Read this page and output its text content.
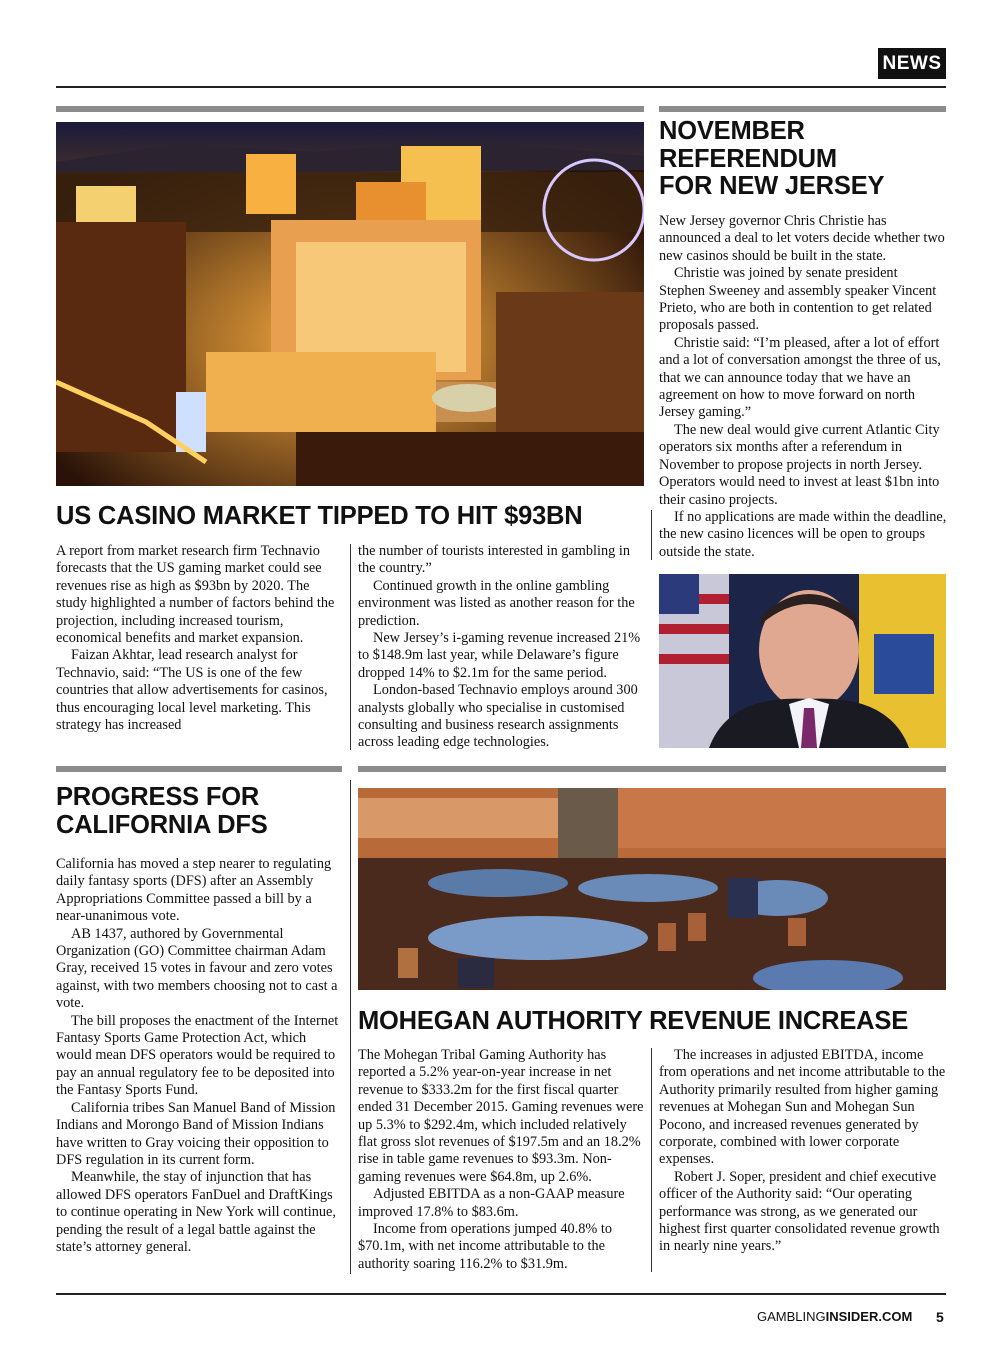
NEWS
NOVEMBER
REFERENDUM
FOR NEW JERSEY

New Jersey governor Chris Christie has announced a deal to let voters decide whether two new casinos should be built in the state.

Christie was joined by senate president Stephen Sweeney and assembly speaker Vincent Prieto, who are both in contention to get related proposals passed.

Christie said: “I’m pleased, after a lot of effort and a lot of conversation amongst the three of us, that we can announce today that we have an agreement on how to move forward on north Jersey gaming.”

The new deal would give current Atlantic City operators six months after a referendum in November to propose projects in north Jersey. Operators would need to invest at least $1bn into their casino projects.

If no applications are made within the deadline, the new casino licences will be open to groups outside the state.

US CASINO MARKET TIPPED TO HIT $93BN

A report from market research firm Technavio forecasts that the US gaming market could see revenues rise as high as $93bn by 2020. The study highlighted a number of factors behind the projection, including increased tourism, economical benefits and market expansion.

Faizan Akhtar, lead research analyst for Technavio, said: “The US is one of the few countries that allow advertisements for casinos, thus encouraging local level marketing. This strategy has increased

the number of tourists interested in gambling in the country.”

Continued growth in the online gambling environment was listed as another reason for the prediction.

New Jersey’s i-gaming revenue increased 21% to $148.9m last year, while Delaware’s figure dropped 14% to $2.1m for the same period.

London-based Technavio employs around 300 analysts globally who specialise in customised consulting and business research assignments across leading edge technologies.

PROGRESS FOR
CALIFORNIA DFS

California has moved a step nearer to regulating daily fantasy sports (DFS) after an Assembly Appropriations Committee passed a bill by a near-unanimous vote.

AB 1437, authored by Governmental Organization (GO) Committee chairman Adam Gray, received 15 votes in favour and zero votes against, with two members choosing not to cast a vote.

The bill proposes the enactment of the Internet Fantasy Sports Game Protection Act, which would mean DFS operators would be required to pay an annual regulatory fee to be deposited into the Fantasy Sports Fund.

California tribes San Manuel Band of Mission Indians and Morongo Band of Mission Indians have written to Gray voicing their opposition to DFS regulation in its current form.

Meanwhile, the stay of injunction that has allowed DFS operators FanDuel and DraftKings to continue operating in New York will continue, pending the result of a legal battle against the state’s attorney general.

MOHEGAN AUTHORITY REVENUE INCREASE

The Mohegan Tribal Gaming Authority has reported a 5.2% year-on-year increase in net revenue to $333.2m for the first fiscal quarter ended 31 December 2015. Gaming revenues were up 5.3% to $292.4m, which included relatively flat gross slot revenues of $197.5m and an 18.2% rise in table game revenues to $93.3m. Non-gaming revenues were $64.8m, up 2.6%.

Adjusted EBITDA as a non-GAAP measure improved 17.8% to $83.6m.

Income from operations jumped 40.8% to $70.1m, with net income attributable to the authority soaring 116.2% to $31.9m.

The increases in adjusted EBITDA, income from operations and net income attributable to the Authority primarily resulted from higher gaming revenues at Mohegan Sun and Mohegan Sun Pocono, and increased revenues generated by corporate, combined with lower corporate expenses.

Robert J. Soper, president and chief executive officer of the Authority said: “Our operating performance was strong, as we generated our highest first quarter consolidated revenue growth in nearly nine years.”

GAMBLINGINSIDER.COM	5
